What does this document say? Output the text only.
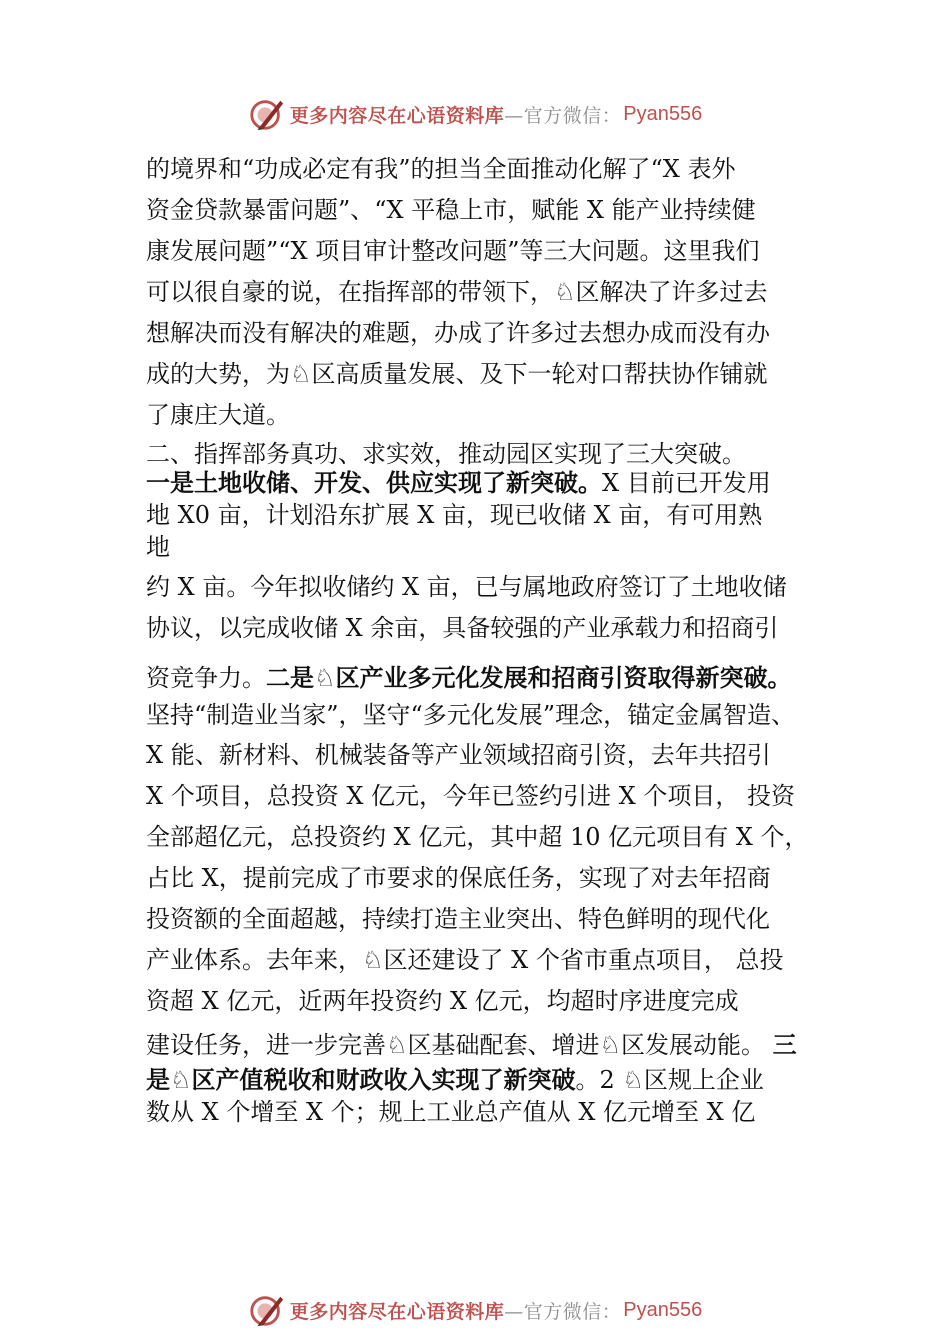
更多内容尽在心语资料库 —官方微信： Pyan556
的境界和“功成必定有我”的担当全面推动化解了“X 表外
资金贷款暴雷问题”、“X 平稳上市，赋能 X 能产业持续健
康发展问题”“X 项目审计整改问题”等三大问题。这里我们
可以很自豪的说，在指挥部的带领下，♘区解决了许多过去
想解决而没有解决的难题，办成了许多过去想办成而没有办
成的大势，为♘区高质量发展、及下一轮对口帮扶协作铺就
了康庄大道。
二、指挥部务真功、求实效，推动园区实现了三大突破。
一是土地收储、开发、供应实现了新突破。X 目前已开发用
地 X0 亩，计划沿东扩展 X 亩，现已收储 X 亩，有可用熟
地
约 X 亩。今年拟收储约 X 亩，已与属地政府签订了土地收储
协议，以完成收储 X 余亩，具备较强的产业承载力和招商引
资竞争力。二是♘区产业多元化发展和招商引资取得新突破。
坚持“制造业当家”，坚守“多元化发展”理念，锚定金属智造、
X 能、新材料、机械装备等产业领域招商引资，去年共招引
X 个项目，总投资 X 亿元，今年已签约引进 X 个项目， 投资
全部超亿元，总投资约 X 亿元，其中超 10 亿元项目有 X 个，
占比 X，提前完成了市要求的保底任务，实现了对去年招商
投资额的全面超越，持续打造主业突出、特色鲜明的现代化
产业体系。去年来，♘区还建设了 X 个省市重点项目， 总投
资超 X 亿元，近两年投资约 X 亿元，均超时序进度完成
建设任务，进一步完善♘区基础配套、增进♘区发展动能。 三
是♘区产值税收和财政收入实现了新突破。2 ♘区规上企业
数从 X 个增至 X 个；规上工业总产值从 X 亿元增至 X 亿
更多内容尽在心语资料库 —官方微信： Pyan556
